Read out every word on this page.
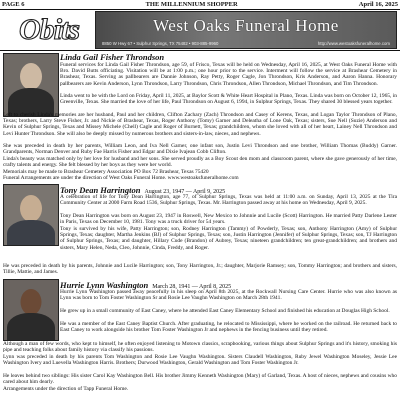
PAGE 6	THE MILLENNIUM SHOPPER	April 16, 2025
Obits	West Oaks Funeral Home
8850 W Hwy 67 • Sulphur Springs, TX 75482 • 903-885-9960	http://www.westoaksfuneralhome.com
Linda Gail Fisher Throndson

Funeral services for Linda Gail Fisher Throndson, age 59, of Frisco, Texas will be held on Wednesday, April 16, 2025, at West Oaks Funeral Home with Bro. David Butts officiating. Visitation will be at 1:00 p.m.; one hour prior to the service. Interment will follow the service at Brashear Cemetery in Brashear, Texas. Serving as pallbearers are Dannie Johnson, Ray Petty, Roger Cagle, Jon Throndson, Kris Anderson, and Aaron Hanna. Honorary pallbearers are Kevin Anderson, Lynn Throndson, Larry Throndson, Chris Throndson, Allen Throndson, Michael Throndson, and Tim Throndson.

Linda went to be with the Lord on Friday, April 11, 2025, at Baylor Scott & White Heart Hospital in Plano, Texas. Linda was born on October 12, 1965, in Greenville, Texas. She married the love of her life, Paul Throndson on August 6, 1994, in Sulphur Springs, Texas. They shared 30 blessed years together.

Left to cherish Linda's memories are her husband, Paul and her children, Clifton Zachary (Zach) Throndson and Casey of Kerens, Texas, and Logan Taylor Throndson of Plano, Texas; brothers, Larry Steve Fisher, Jr. and Nickie of Brashear, Texas, Roger Anthony (Tomy) Garner and Deleatha of Lone Oak, Texas; sisters, Sue Nell (Suzie) Anderson and Kevin of Sulphur Springs, Texas and Missey Michele (Chell) Cagle and Roger of Burnett, Texas; grandchildren, whom she loved with all of her heart, Lainey Nell Throndson and Levi Hunter Throndson. She will also be deeply missed by numerous brothers and sisters-in-law, nieces, and nephews.

She was preceded in death by her parents, William Leon, and Iva Nell Garner, one infant son, Justin Levi Throndson and one brother, William Thomas (Buddy) Garner. Grandparents, Norman Denver and Ruby Fae Harris Fisher and Edgar and Dixie Ivajean Cobb Clifton.

Linda's beauty was matched only by her love for husband and her sons. She served proudly as a Boy Scout den mom and classroom parent, where she gave generously of her time, crafty talents and energy. She felt blessed by her boys as they were her world.

Memorials may be made to Brashear Cemetery Association PO Box 72 Brashear, Texas 75420

Funeral Arrangements are under the direction of West Oaks Funeral Home. www.westoaksfuneralhome.com

Tony Dean Harrington August 23, 1947 — April 9, 2025

A celebration of life for Tony Dean Harrington, age 77, of Sulphur Springs, Texas was held at 11:00 a.m. on Sunday, April 13, 2025 at the Tira Community Center at 2000 Farm Road 1536, Sulphur Springs, Texas. Mr. Harrington passed away at his home on Wednesday, April 9, 2025.

Tony Dean Harrington was born on August 23, 1947 in Roswell, New Mexico to Johnnie and Lucile (Scott) Harrington. He married Patty Darlene Lester in Paris, Texas on December 10, 1981. Tony was a truck driver for 54 years.

Tony is survived by his wife, Patty Harrington; son, Rodney Harrington (Tammy) of Powderly, Texas; son, Anthony Harrington (Amy) of Sulphur Springs, Texas; daughter, Martha Jenkins (BJ) of Sulphur Springs, Texas; son, Justin Harrington (Jennifer) of Sulphur Springs, Texas; son, TJ Harrington of Sulphur Springs, Texas; and daughter, Hillary Cude (Brandon) of Aubrey, Texas; nineteen grandchildren; ten great-grandchildren; and brothers and sisters, Mary Helen, Neda, Cleo, Johnnie, Cinda, Freddy, and Roger.

He was preceded in death by his parents, Johnnie and Lucile Harrington; son, Tony Harrington, Jr.; daughter, Marjorie Ramsey; son, Tommy Harrington; and brothers and sisters, Tillie, Mattie, and James.

Hurrie Lynn Washington March 28, 1941 — April 8, 2025

Hurrie Lynn Washington passed away peacefully in his sleep on April 8th 2025, at the Rockwall Nursing Care Center. Hurrie who was also known as Lynn was born to Tom Foster Washington Sr and Rosie Lee Vaughn Washington on March 28th 1941.

He grew up in a small community of East Caney, where he attended East Caney Elementary School and finished his education at Douglas High School.

He was a member of the East Caney Baptist Church. After graduating, he relocated to Mississippi, where he worked on the railroad. He returned back to East Caney to work alongside his brother Tom Foster Washington Jr and nephews in the fencing business until they retired.

Although a man of few words, who kept to himself, he often enjoyed listening to Motown classics, scrapbooking, various things about Sulphur Springs and it's history, smoking his pipe and teaching folks about family history via classify his passions.

Lynn was preceded in death by his parents Tom Washington and Rosie Lee Vaughn Washington. Sisters Claudell Washington, Ruby Jewel Washington Moseley, Jessie Lee Washington Ivery and Luevella Washington Harris. Brothers; Durwood Washington, Gerald Washington and Tom Foster Washington Jr.

He leaves behind two siblings: His sister Carol Kay Washington Bell. His brother Jimmy Kenneth Washington (Mary) of Garland, Texas. A host of nieces, nephews and cousins who cared about him dearly.

Arrangements under the direction of Tapp Funeral Home.
